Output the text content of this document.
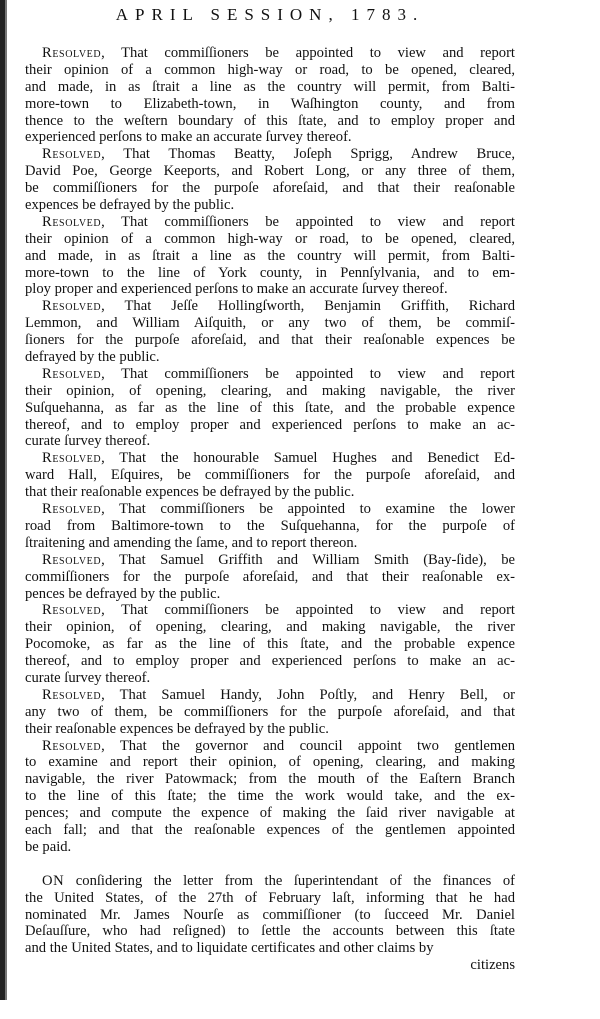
APRIL SESSION, 1783.
Resolved, That commiſſioners be appointed to view and report
their opinion of a common high-way or road, to be opened, cleared,
and made, in as ſtrait a line as the country will permit, from Balti-
more-town to Elizabeth-town, in Waſhington county, and from
thence to the weſtern boundary of this ſtate, and to employ proper and
experienced perſons to make an accurate ſurvey thereof.
Resolved, That Thomas Beatty, Joſeph Sprigg, Andrew Bruce,
David Poe, George Keeports, and Robert Long, or any three of them,
be commiſſioners for the purpoſe aforeſaid, and that their reaſonable
expences be defrayed by the public.
Resolved, That commiſſioners be appointed to view and report
their opinion of a common high-way or road, to be opened, cleared,
and made, in as ſtrait a line as the country will permit, from Balti-
more-town to the line of York county, in Pennſylvania, and to em-
ploy proper and experienced perſons to make an accurate ſurvey thereof.
Resolved, That Jeſſe Hollingſworth, Benjamin Griffith, Richard
Lemmon, and William Aiſquith, or any two of them, be commiſ-
ſioners for the purpoſe aforeſaid, and that their reaſonable expences be
defrayed by the public.
Resolved, That commiſſioners be appointed to view and report
their opinion, of opening, clearing, and making navigable, the river
Suſquehanna, as far as the line of this ſtate, and the probable expence
thereof, and to employ proper and experienced perſons to make an ac-
curate ſurvey thereof.
Resolved, That the honourable Samuel Hughes and Benedict Ed-
ward Hall, Eſquires, be commiſſioners for the purpoſe aforeſaid, and
that their reaſonable expences be defrayed by the public.
Resolved, That commiſſioners be appointed to examine the lower
road from Baltimore-town to the Suſquehanna, for the purpoſe of
ſtraitening and amending the ſame, and to report thereon.
Resolved, That Samuel Griffith and William Smith (Bay-ſide), be
commiſſioners for the purpoſe aforeſaid, and that their reaſonable ex-
pences be defrayed by the public.
Resolved, That commiſſioners be appointed to view and report
their opinion, of opening, clearing, and making navigable, the river
Pocomoke, as far as the line of this ſtate, and the probable expence
thereof, and to employ proper and experienced perſons to make an ac-
curate ſurvey thereof.
Resolved, That Samuel Handy, John Poſtly, and Henry Bell, or
any two of them, be commiſſioners for the purpoſe aforeſaid, and that
their reaſonable expences be defrayed by the public.
Resolved, That the governor and council appoint two gentlemen
to examine and report their opinion, of opening, clearing, and making
navigable, the river Patowmack; from the mouth of the Eaſtern Branch
to the line of this ſtate; the time the work would take, and the ex-
pences; and compute the expence of making the ſaid river navigable at
each fall; and that the reaſonable expences of the gentlemen appointed
be paid.
ON conſidering the letter from the ſuperintendant of the finances of
the United States, of the 27th of February laſt, informing that he had
nominated Mr. James Nourſe as commiſſioner (to ſucceed Mr. Daniel
Deſauſſure, who had reſigned) to ſettle the accounts between this ſtate
and the United States, and to liquidate certificates and other claims by
citizens
